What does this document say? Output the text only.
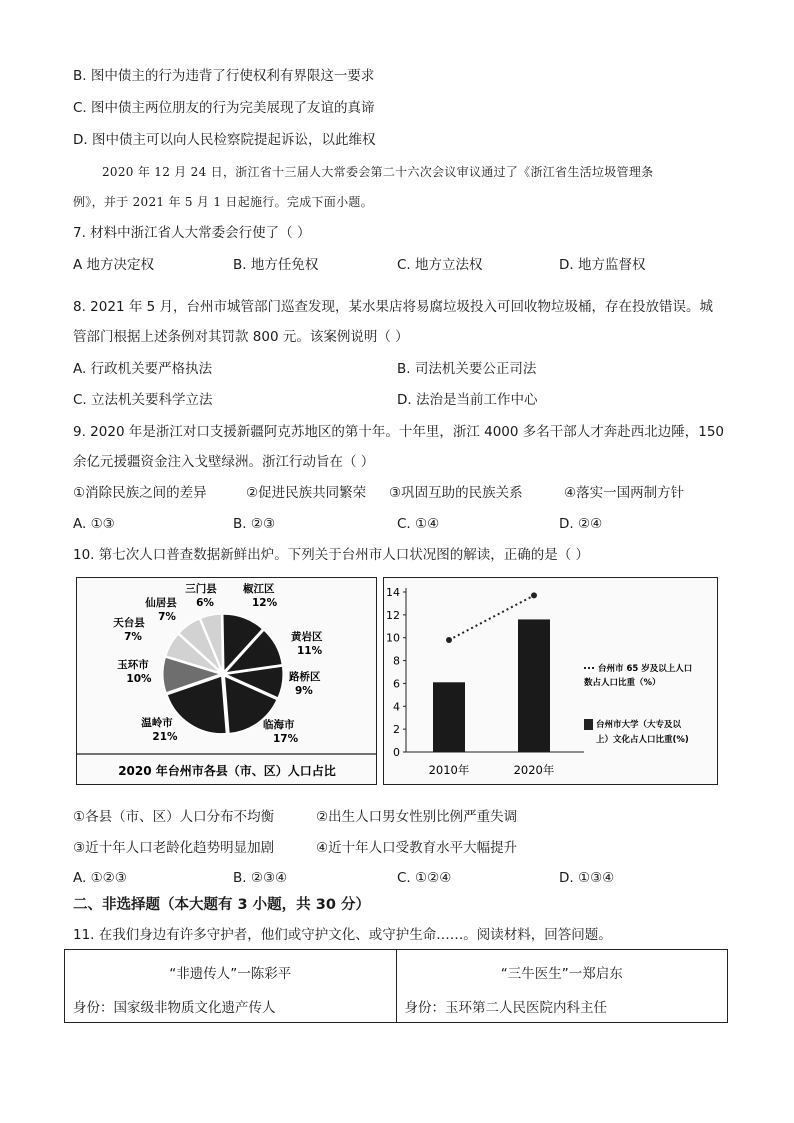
B. 图中债主的行为违背了行使权利有界限这一要求
C. 图中债主两位朋友的行为完美展现了友谊的真谛
D. 图中债主可以向人民检察院提起诉讼，以此维权
2020 年 12 月 24 日，浙江省十三届人大常委会第二十六次会议审议通过了《浙江省生活垃圾管理条
例》，并于 2021 年 5 月 1 日起施行。完成下面小题。
7. 材料中浙江省人大常委会行使了（ ）
A 地方决定权	B. 地方任免权	C. 地方立法权	D. 地方监督权
8. 2021 年 5 月，台州市城管部门巡查发现，某水果店将易腐垃圾投入可回收物垃圾桶，存在投放错误。城
管部门根据上述条例对其罚款 800 元。该案例说明（ ）
A. 行政机关要严格执法	B. 司法机关要公正司法
C. 立法机关要科学立法	D. 法治是当前工作中心
9. 2020 年是浙江对口支援新疆阿克苏地区的第十年。十年里，浙江 4000 多名干部人才奔赴西北边陲，150
余亿元援疆资金注入戈壁绿洲。浙江行动旨在（ ）
①消除民族之间的差异	②促进民族共同繁荣 ③巩固互助的民族关系	④落实一国两制方针
A. ①③	B. ②③	C. ①④	D. ②④
10. 第七次人口普查数据新鲜出炉。下列关于台州市人口状况图的解读，正确的是（ ）
椒江区
12%
黄岩区
11%
路桥区
9%
临海市
17%
温岭市
21%
玉环市
10%
天台县
7%
仙居县
7%
三门县
6%
2020 年台州市各县（市、区）人口占比
0
2
4
6
8
10
12
14
2010年	2020年
台州市 65 岁及以上人口
数占人口比重（%）
台州市大学（大专及以
上）文化占人口比重(%)
①各县（市、区）人口分布不均衡	②出生人口男女性别比例严重失调
③近十年人口老龄化趋势明显加剧	④近十年人口受教育水平大幅提升
A. ①②③	B. ②③④	C. ①②④	D. ①③④
二、非选择题（本大题有 3 小题，共 30 分）
11. 在我们身边有许多守护者，他们或守护文化、或守护生命……。阅读材料，回答问题。
“非遗传人”一陈彩平
身份：国家级非物质文化遗产传人

“三牛医生”一郑启东
身份：玉环第二人民医院内科主任
